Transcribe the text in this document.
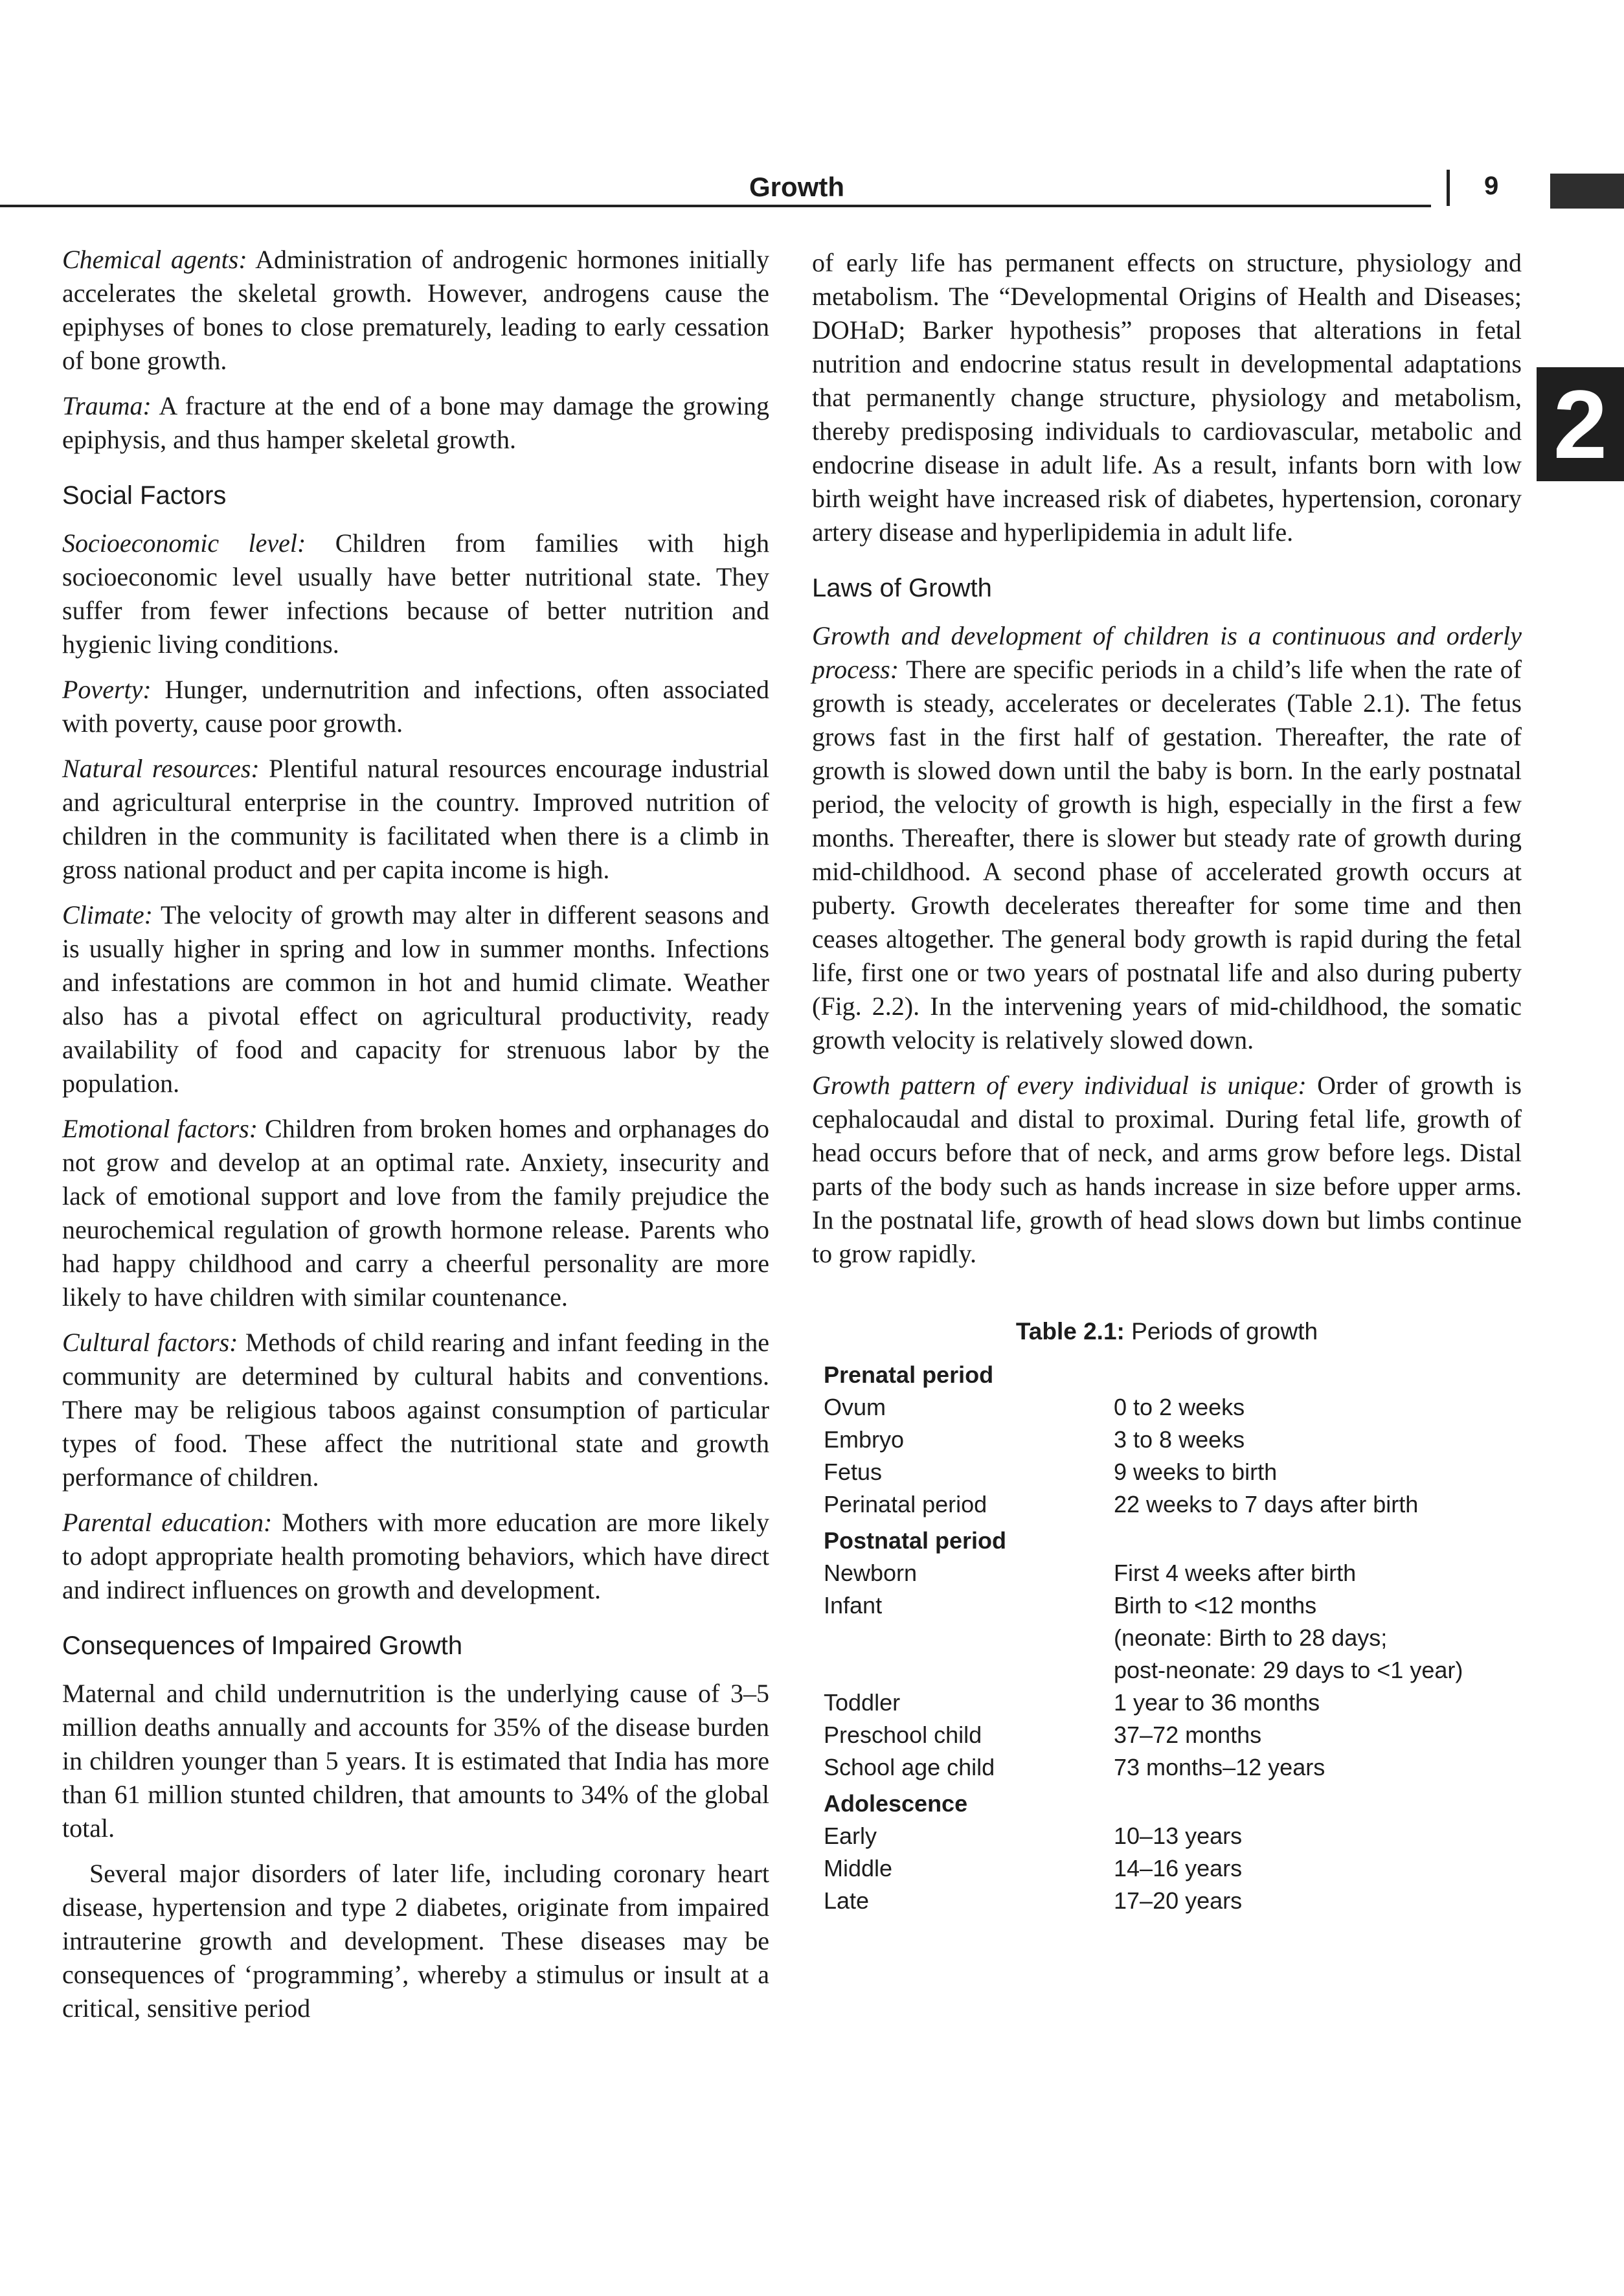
Growth	9
2

Chemical agents: Administration of androgenic hormones initially accelerates the skeletal growth. However, androgens cause the epiphyses of bones to close prematurely, leading to early cessation of bone growth.

Trauma: A fracture at the end of a bone may damage the growing epiphysis, and thus hamper skeletal growth.

Social Factors

Socioeconomic level: Children from families with high socioeconomic level usually have better nutritional state. They suffer from fewer infections because of better nutrition and hygienic living conditions.

Poverty: Hunger, undernutrition and infections, often associated with poverty, cause poor growth.

Natural resources: Plentiful natural resources encourage industrial and agricultural enterprise in the country. Improved nutrition of children in the community is facilitated when there is a climb in gross national product and per capita income is high.

Climate: The velocity of growth may alter in different seasons and is usually higher in spring and low in summer months. Infections and infestations are common in hot and humid climate. Weather also has a pivotal effect on agricultural productivity, ready availability of food and capacity for strenuous labor by the population.

Emotional factors: Children from broken homes and orphanages do not grow and develop at an optimal rate. Anxiety, insecurity and lack of emotional support and love from the family prejudice the neurochemical regulation of growth hormone release. Parents who had happy childhood and carry a cheerful personality are more likely to have children with similar countenance.

Cultural factors: Methods of child rearing and infant feeding in the community are determined by cultural habits and conventions. There may be religious taboos against consumption of particular types of food. These affect the nutritional state and growth performance of children.

Parental education: Mothers with more education are more likely to adopt appropriate health promoting behaviors, which have direct and indirect influences on growth and development.

Consequences of Impaired Growth

Maternal and child undernutrition is the underlying cause of 3–5 million deaths annually and accounts for 35% of the disease burden in children younger than 5 years. It is estimated that India has more than 61 million stunted children, that amounts to 34% of the global total.

Several major disorders of later life, including coronary heart disease, hypertension and type 2 diabetes, originate from impaired intrauterine growth and development. These diseases may be consequences of ‘programming’, whereby a stimulus or insult at a critical, sensitive period

of early life has permanent effects on structure, physiology and metabolism. The “Developmental Origins of Health and Diseases; DOHaD; Barker hypothesis” proposes that alterations in fetal nutrition and endocrine status result in developmental adaptations that permanently change structure, physiology and metabolism, thereby predisposing individuals to cardiovascular, metabolic and endocrine disease in adult life. As a result, infants born with low birth weight have increased risk of diabetes, hypertension, coronary artery disease and hyperlipidemia in adult life.

Laws of Growth

Growth and development of children is a continuous and orderly process: There are specific periods in a child’s life when the rate of growth is steady, accelerates or decelerates (Table 2.1). The fetus grows fast in the first half of gestation. Thereafter, the rate of growth is slowed down until the baby is born. In the early postnatal period, the velocity of growth is high, especially in the first a few months. Thereafter, there is slower but steady rate of growth during mid-childhood. A second phase of accelerated growth occurs at puberty. Growth decelerates thereafter for some time and then ceases altogether. The general body growth is rapid during the fetal life, first one or two years of postnatal life and also during puberty (Fig. 2.2). In the intervening years of mid-childhood, the somatic growth velocity is relatively slowed down.

Growth pattern of every individual is unique: Order of growth is cephalocaudal and distal to proximal. During fetal life, growth of head occurs before that of neck, and arms grow before legs. Distal parts of the body such as hands increase in size before upper arms. In the postnatal life, growth of head slows down but limbs continue to grow rapidly.

Table 2.1: Periods of growth
Prenatal period	
Ovum	0 to 2 weeks
Embryo	3 to 8 weeks
Fetus	9 weeks to birth
Perinatal period	22 weeks to 7 days after birth
Postnatal period	
Newborn	First 4 weeks after birth
Infant	Birth to <12 months
	(neonate: Birth to 28 days;
	post-neonate: 29 days to <1 year)
Toddler	1 year to 36 months
Preschool child	37–72 months
School age child	73 months–12 years
Adolescence	
Early	10–13 years
Middle	14–16 years
Late	17–20 years
